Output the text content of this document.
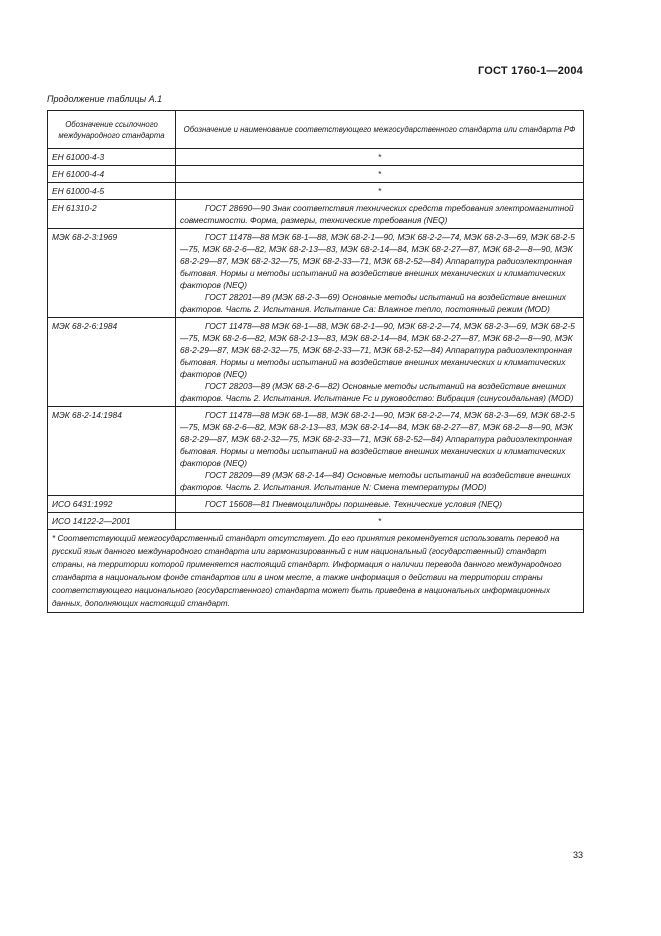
ГОСТ 1760-1—2004
Продолжение таблицы А.1
Обозначение ссылочного международного стандарта	Обозначение и наименование соответствующего межгосударственного стандарта или стандарта РФ
ЕН 61000-4-3	*

ЕН 61000-4-4	*

ЕН 61000-4-5	*

ЕН 61310-2	ГОСТ 28690—90 Знак соответствия технических средств требования электромагнитной совместимости. Форма, размеры, технические требования (NEQ)

МЭК 68-2-3:1969	ГОСТ 11478—88 МЭК 68-1—88, МЭК 68-2-1—90, МЭК 68-2-2—74, МЭК 68-2-3—69, МЭК 68-2-5—75, МЭК 68-2-6—82, МЭК 68-2-13—83, МЭК 68-2-14—84, МЭК 68-2-27—87, МЭК 68-2—8—90, МЭК 68-2-29—87, МЭК 68-2-32—75, МЭК 68-2-33—71, МЭК 68-2-52—84) Аппаратура радиоэлектронная бытовая. Нормы и методы испытаний на воздействие внешних механических и климатических факторов (NEQ)
ГОСТ 28201—89 (МЭК 68-2-3—69) Основные методы испытаний на воздействие внешних факторов. Часть 2. Испытания. Испытание Са: Влажное тепло, постоянный режим (MOD)

МЭК 68-2-6:1984	ГОСТ 11478—88 МЭК 68-1—88, МЭК 68-2-1—90, МЭК 68-2-2—74, МЭК 68-2-3—69, МЭК 68-2-5—75, МЭК 68-2-6—82, МЭК 68-2-13—83, МЭК 68-2-14—84, МЭК 68-2-27—87, МЭК 68-2—8—90, МЭК 68-2-29—87, МЭК 68-2-32—75, МЭК 68-2-33—71, МЭК 68-2-52—84) Аппаратура радиоэлектронная бытовая. Нормы и методы испытаний на воздействие внешних механических и климатических факторов (NEQ)
ГОСТ 28203—89 (МЭК 68-2-6—82) Основные методы испытаний на воздействие внешних факторов. Часть 2. Испытания. Испытание Fc и руководство: Вибрация (синусоидальная) (MOD)

МЭК 68-2-14:1984	ГОСТ 11478—88 МЭК 68-1—88, МЭК 68-2-1—90, МЭК 68-2-2—74, МЭК 68-2-3—69, МЭК 68-2-5—75, МЭК 68-2-6—82, МЭК 68-2-13—83, МЭК 68-2-14—84, МЭК 68-2-27—87, МЭК 68-2—8—90, МЭК 68-2-29—87, МЭК 68-2-32—75, МЭК 68-2-33—71, МЭК 68-2-52—84) Аппаратура радиоэлектронная бытовая. Нормы и методы испытаний на воздействие внешних механических и климатических факторов (NEQ)
ГОСТ 28209—89 (МЭК 68-2-14—84) Основные методы испытаний на воздействие внешних факторов. Часть 2. Испытания. Испытание N: Смена температуры (MOD)

ИСО 6431:1992	ГОСТ 15608—81 Пневмоцилиндры поршневые. Технические условия (NEQ)

ИСО 14122-2—2001	*

* Соответствующий межгосударственный стандарт отсутствует. До его принятия рекомендуется использовать перевод на русский язык данного международного стандарта или гармонизированный с ним национальный (государственный) стандарт страны, на территории которой применяется настоящий стандарт. Информация о наличии перевода данного международного стандарта в национальном фонде стандартов или в ином месте, а также информация о действии на территории страны соответствующего национального (государственного) стандарта может быть приведена в национальных информационных данных, дополняющих настоящий стандарт.	
33
